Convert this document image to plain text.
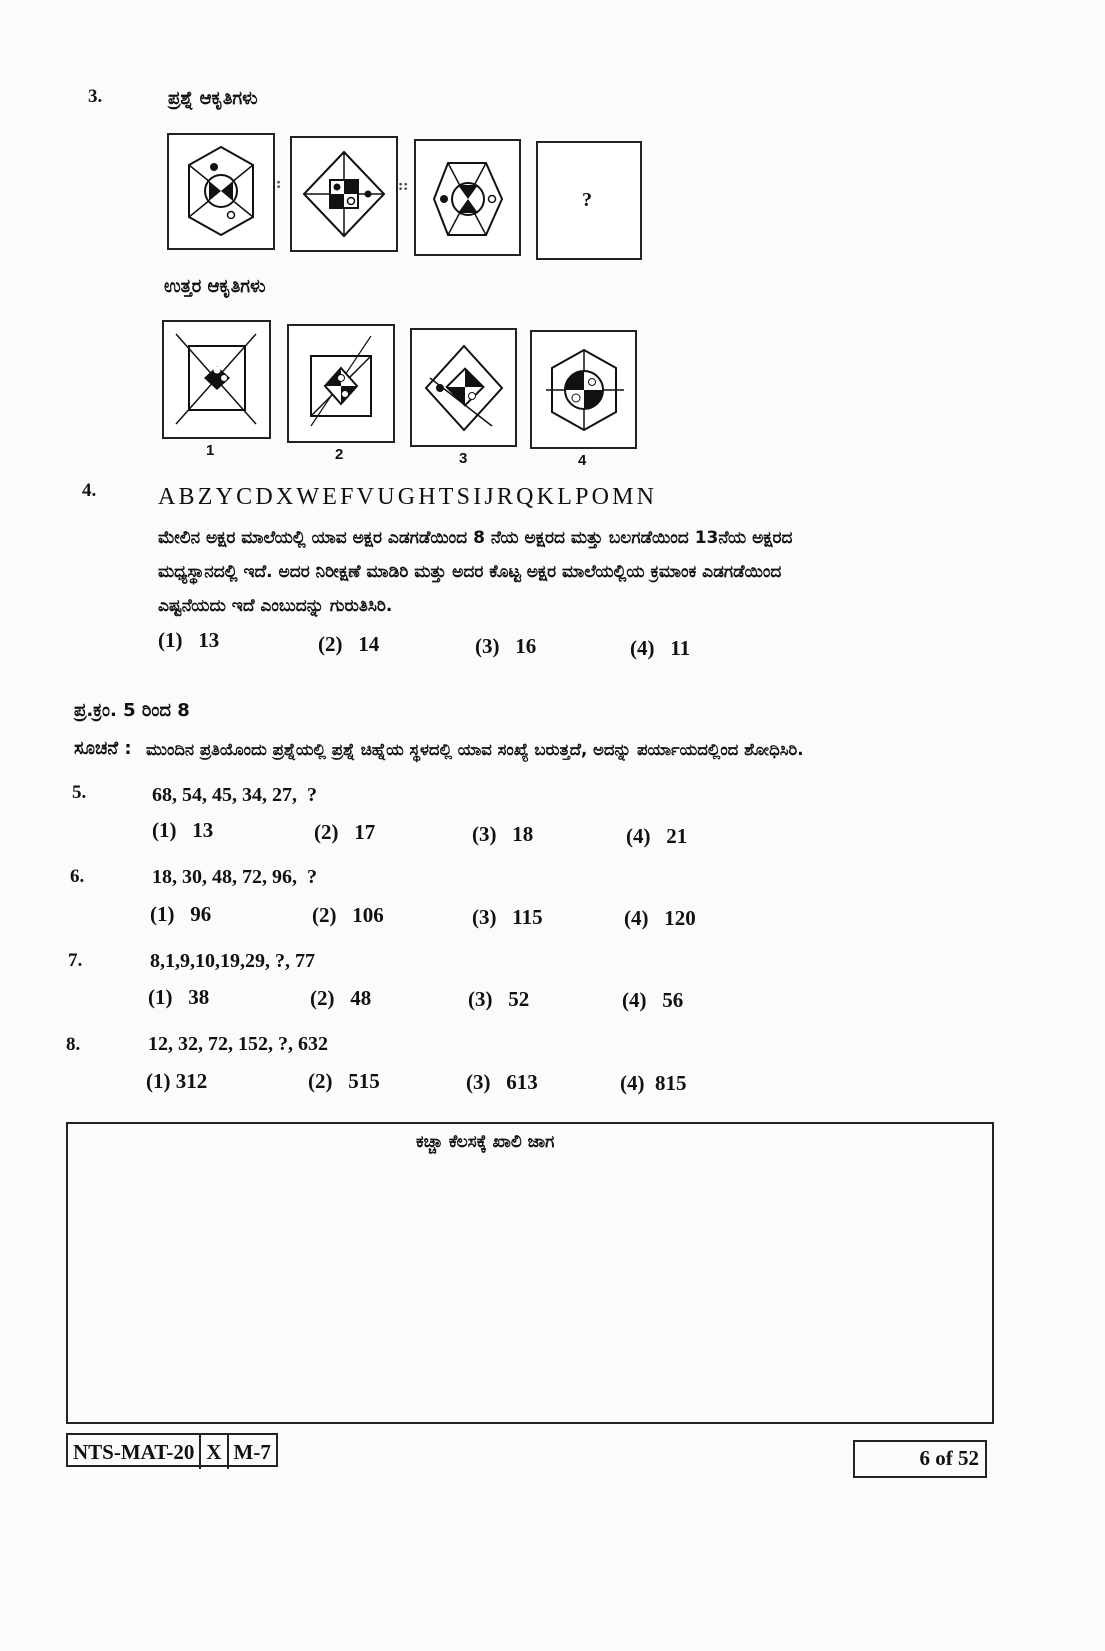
3.	ಪ್ರಶ್ನೆ ಆಕೃತಿಗಳು
:	::
?
ಉತ್ತರ ಆಕೃತಿಗಳು
1	2	3	4
4.	ABZYCDXWEFVUGHTSIJRQKLPOMN
ಮೇಲಿನ ಅಕ್ಷರ ಮಾಲೆಯಲ್ಲಿ ಯಾವ ಅಕ್ಷರ ಎಡಗಡೆಯಿಂದ 8 ನೆಯ ಅಕ್ಷರದ ಮತ್ತು ಬಲಗಡೆಯಿಂದ 13ನೆಯ ಅಕ್ಷರದ
ಮಧ್ಯಸ್ಥಾನದಲ್ಲಿ ಇದೆ. ಅದರ ನಿರೀಕ್ಷಣೆ ಮಾಡಿರಿ ಮತ್ತು ಅದರ ಕೊಟ್ಟ ಅಕ್ಷರ ಮಾಲೆಯಲ್ಲಿಯ ಕ್ರಮಾಂಕ ಎಡಗಡೆಯಿಂದ
ಎಷ್ಟನೆಯದು ಇದೆ ಎಂಬುದನ್ನು ಗುರುತಿಸಿರಿ.
(1)   13	(2)   14	(3)   16	(4)   11
ಪ್ರ.ಕ್ರಂ. 5 ರಿಂದ 8
ಸೂಚನೆ : ಮುಂದಿನ ಪ್ರತಿಯೊಂದು ಪ್ರಶ್ನೆಯಲ್ಲಿ ಪ್ರಶ್ನೆ ಚಿಹ್ನೆಯ ಸ್ಥಳದಲ್ಲಿ ಯಾವ ಸಂಖ್ಯೆ ಬರುತ್ತದೆ, ಅದನ್ನು ಪರ್ಯಾಯದಲ್ಲಿಂದ ಶೋಧಿಸಿರಿ.
5.	68, 54, 45, 34, 27,  ?
(1)   13	(2)   17	(3)   18	(4)   21
6.	18, 30, 48, 72, 96,  ?
(1)   96	(2)   106	(3)   115	(4)   120
7.	8,1,9,10,19,29, ?, 77
(1)   38	(2)   48	(3)   52	(4)   56
8.	12, 32, 72, 152, ?, 632
(1) 312	(2)   515	(3)   613	(4)  815
ಕಚ್ಚಾ ಕೆಲಸಕ್ಕೆ ಖಾಲಿ ಜಾಗ
NTS-MAT-20 X M-7	6 of 52
